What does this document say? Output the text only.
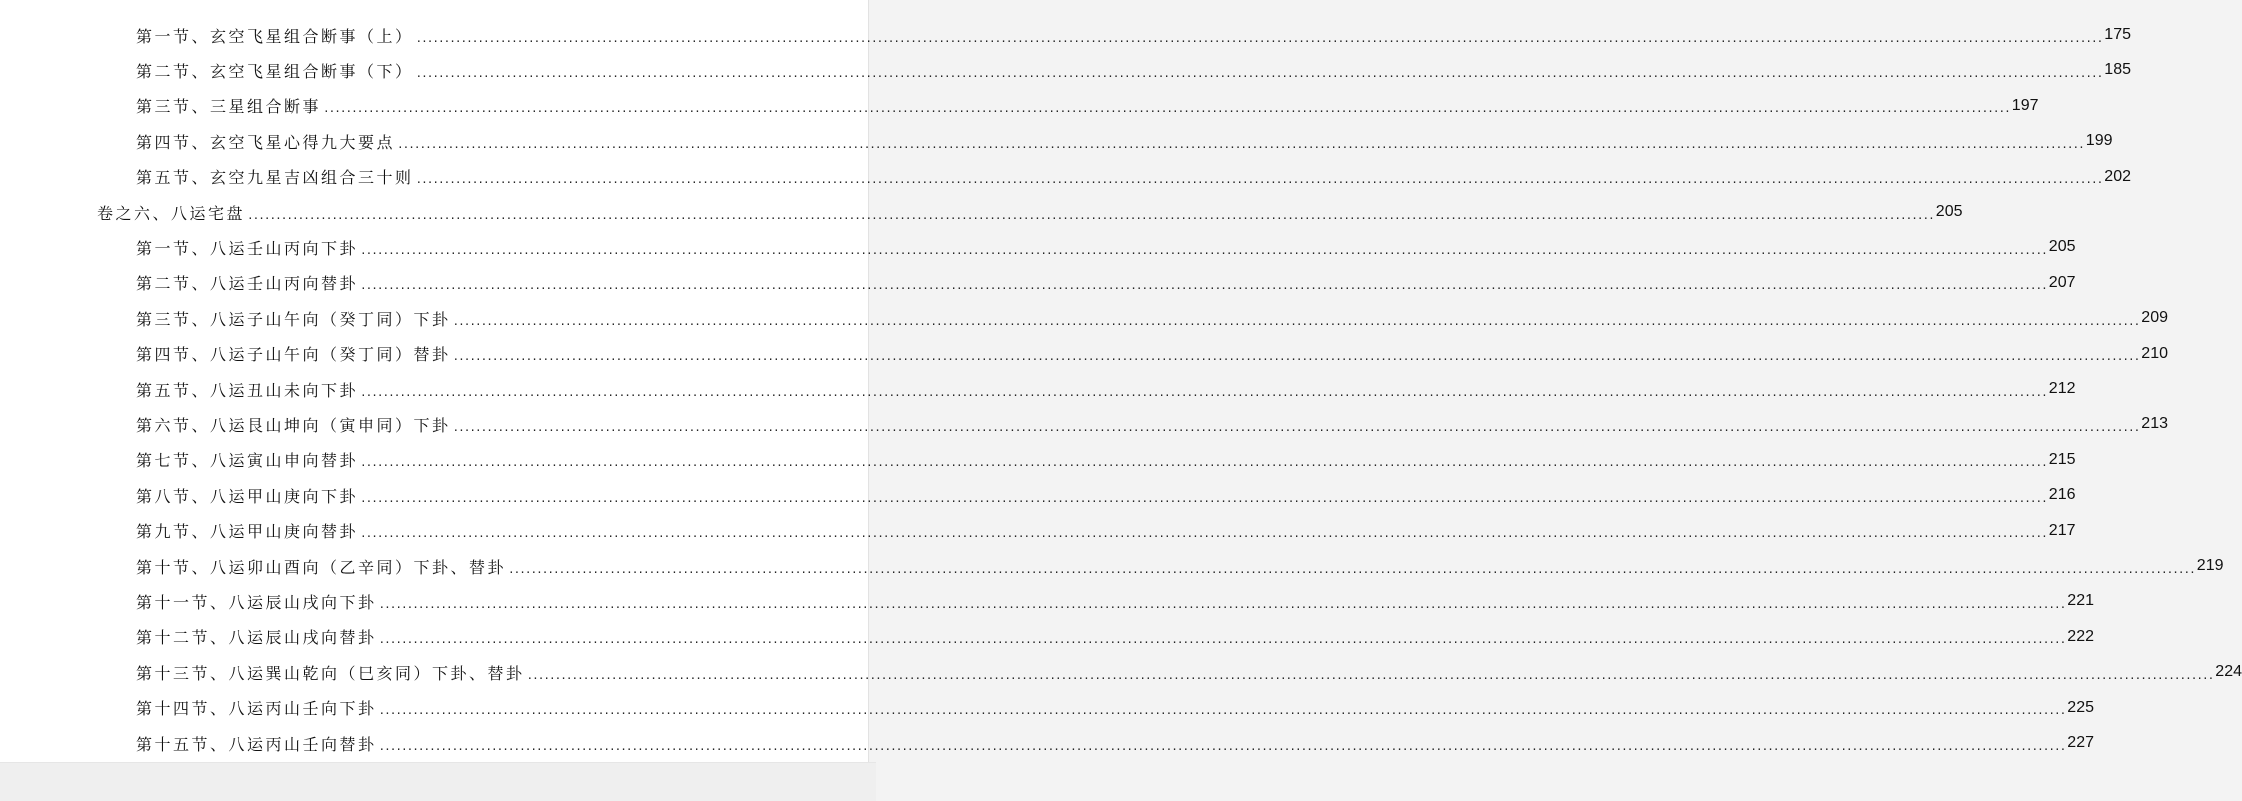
第一节、玄空飞星组合断事（上） ............................................................................................................................................................................................................................................................................................................ 175
第二节、玄空飞星组合断事（下） ............................................................................................................................................................................................................................................................................................................ 185
第三节、三星组合断事 ............................................................................................................................................................................................................................................................................................................ 197
第四节、玄空飞星心得九大要点 ............................................................................................................................................................................................................................................................................................................ 199
第五节、玄空九星吉凶组合三十则 ............................................................................................................................................................................................................................................................................................................ 202
卷之六、八运宅盘 ............................................................................................................................................................................................................................................................................................................ 205
第一节、八运壬山丙向下卦 ............................................................................................................................................................................................................................................................................................................ 205
第二节、八运壬山丙向替卦 ............................................................................................................................................................................................................................................................................................................ 207
第三节、八运子山午向（癸丁同）下卦 ............................................................................................................................................................................................................................................................................................................ 209
第四节、八运子山午向（癸丁同）替卦 ............................................................................................................................................................................................................................................................................................................ 210
第五节、八运丑山未向下卦 ............................................................................................................................................................................................................................................................................................................ 212
第六节、八运艮山坤向（寅申同）下卦 ............................................................................................................................................................................................................................................................................................................ 213
第七节、八运寅山申向替卦 ............................................................................................................................................................................................................................................................................................................ 215
第八节、八运甲山庚向下卦 ............................................................................................................................................................................................................................................................................................................ 216
第九节、八运甲山庚向替卦 ............................................................................................................................................................................................................................................................................................................ 217
第十节、八运卯山酉向（乙辛同）下卦、替卦 ............................................................................................................................................................................................................................................................................................................ 219
第十一节、八运辰山戌向下卦 ............................................................................................................................................................................................................................................................................................................ 221
第十二节、八运辰山戌向替卦 ............................................................................................................................................................................................................................................................................................................ 222
第十三节、八运巽山乾向（巳亥同）下卦、替卦 ............................................................................................................................................................................................................................................................................................................ 224
第十四节、八运丙山壬向下卦 ............................................................................................................................................................................................................................................................................................................ 225
第十五节、八运丙山壬向替卦 ............................................................................................................................................................................................................................................................................................................ 227
